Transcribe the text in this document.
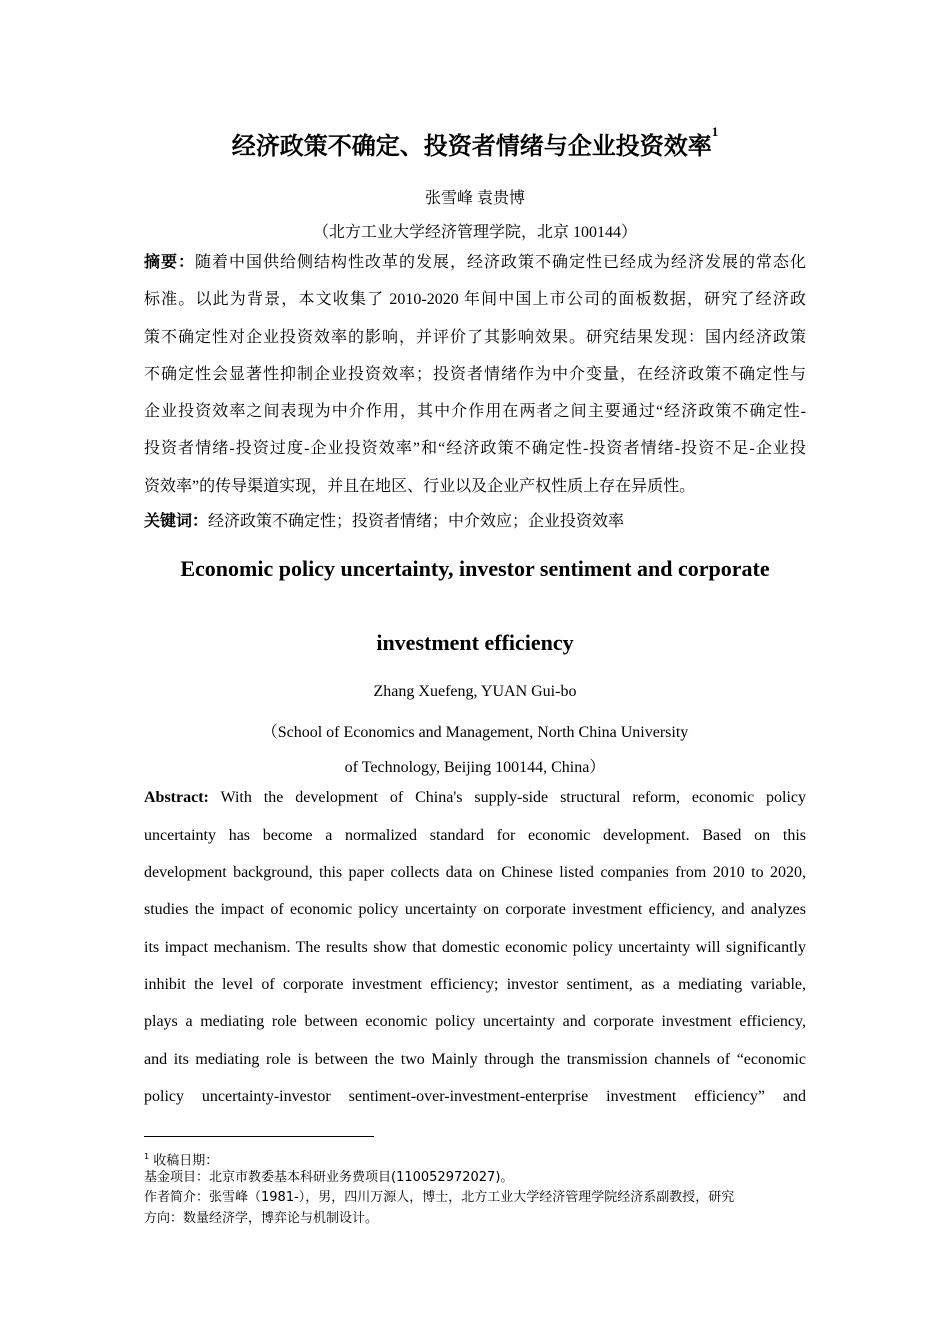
经济政策不确定、投资者情绪与企业投资效率$^1$
张雪峰 袁贵博
（北方工业大学经济管理学院，北京 100144）
摘要：随着中国供给侧结构性改革的发展，经济政策不确定性已经成为经济发展的常态化
标准。以此为背景，本文收集了 2010-2020 年间中国上市公司的面板数据，研究了经济政
策不确定性对企业投资效率的影响，并评价了其影响效果。研究结果发现：国内经济政策
不确定性会显著性抑制企业投资效率；投资者情绪作为中介变量，在经济政策不确定性与
企业投资效率之间表现为中介作用，其中介作用在两者之间主要通过“经济政策不确定性-
投资者情绪-投资过度-企业投资效率”和“经济政策不确定性-投资者情绪-投资不足-企业投
资效率”的传导渠道实现，并且在地区、行业以及企业产权性质上存在异质性。
关键词：经济政策不确定性；投资者情绪；中介效应；企业投资效率
Economic policy uncertainty, investor sentiment and corporate
investment efficiency
Zhang Xuefeng, YUAN Gui-bo
（School of Economics and Management, North China University
of Technology, Beijing 100144, China）
Abstract: With the development of China's supply-side structural reform, economic policy
uncertainty has become a normalized standard for economic development. Based on this
development background, this paper collects data on Chinese listed companies from 2010 to 2020,
studies the impact of economic policy uncertainty on corporate investment efficiency, and analyzes
its impact mechanism. The results show that domestic economic policy uncertainty will significantly
inhibit the level of corporate investment efficiency; investor sentiment, as a mediating variable,
plays a mediating role between economic policy uncertainty and corporate investment efficiency,
and its mediating role is between the two Mainly through the transmission channels of “economic
policy uncertainty-investor sentiment-over-investment-enterprise investment efficiency” and
$^1$ 收稿日期：
基金项目：北京市教委基本科研业务费项目(110052972027)。
作者简介：张雪峰（1981-），男，四川万源人，博士，北方工业大学经济管理学院经济系副教授，研究
方向：数量经济学，博弈论与机制设计。
